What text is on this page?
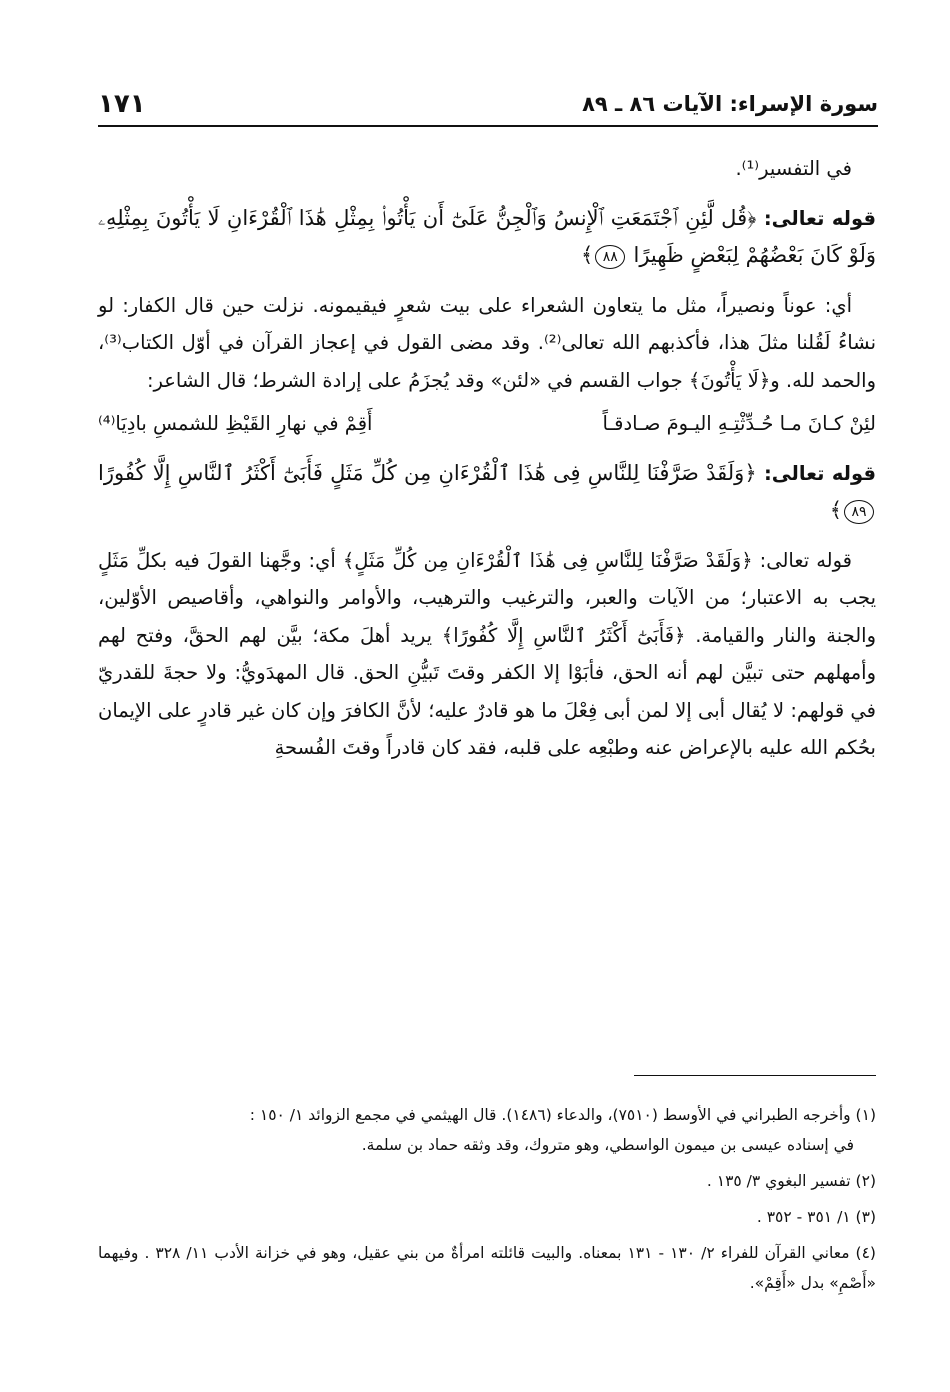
سورة الإسراء: الآيات ٨٦ ـ ٨٩
١٧١

في التفسير⁽¹⁾.

قوله تعالى: ﴿قُل لَّئِنِ ٱجْتَمَعَتِ ٱلْإِنسُ وَٱلْجِنُّ عَلَىٰٓ أَن يَأْتُوا۟ بِمِثْلِ هَٰذَا ٱلْقُرْءَانِ لَا يَأْتُونَ بِمِثْلِهِۦ وَلَوْ كَانَ بَعْضُهُمْ لِبَعْضٍ ظَهِيرًا ٨٨﴾

أي: عوناً ونصيراً، مثل ما يتعاون الشعراء على بيت شعرٍ فيقيمونه. نزلت حين قال الكفار: لو نشاءُ لَقُلنا مثلَ هذا، فأكذبهم الله تعالى⁽²⁾. وقد مضى القول في إعجاز القرآن في أوّل الكتاب⁽³⁾، والحمد لله. و﴿لَا يَأْتُونَ﴾ جواب القسم في «لئن» وقد يُجزَمُ على إرادة الشرط؛ قال الشاعر:

لئِنْ كـانَ مـا حُـدِّثْتِـهِ اليـومَ صـادقـاً
أَقِمْ في نهارِ القَيْظِ للشمسِ بادِيَا⁽⁴⁾

قوله تعالى: ﴿وَلَقَدْ صَرَّفْنَا لِلنَّاسِ فِى هَٰذَا ٱلْقُرْءَانِ مِن كُلِّ مَثَلٍ فَأَبَىٰٓ أَكْثَرُ ٱلنَّاسِ إِلَّا كُفُورًا ٨٩﴾

قوله تعالى: ﴿وَلَقَدْ صَرَّفْنَا لِلنَّاسِ فِى هَٰذَا ٱلْقُرْءَانِ مِن كُلِّ مَثَلٍ﴾ أي: وجَّهنا القولَ فيه بكلِّ مَثَلٍ يجب به الاعتبار؛ من الآيات والعبر، والترغيب والترهيب، والأوامر والنواهي، وأقاصيص الأوّلين، والجنة والنار والقيامة. ﴿فَأَبَىٰٓ أَكْثَرُ ٱلنَّاسِ إِلَّا كُفُورًا﴾ يريد أهلَ مكة؛ بيَّن لهم الحقَّ، وفتح لهم وأمهلهم حتى تبيَّن لهم أنه الحق، فأبَوْا إلا الكفر وقتَ تَبيُّنِ الحق. قال المهدَويُّ: ولا حجةَ للقدريّ في قولهم: لا يُقال أبى إلا لمن أبى فِعْلَ ما هو قادرٌ عليه؛ لأنَّ الكافرَ وإن كان غير قادرٍ على الإيمان بحُكم الله عليه بالإعراض عنه وطبْعِه على قلبه، فقد كان قادراً وقتَ الفُسحةِ

(١) وأخرجه الطبراني في الأوسط (٧٥١٠)، والدعاء (١٤٨٦). قال الهيثمي في مجمع الزوائد ١/ ١٥٠ :
في إسناده عيسى بن ميمون الواسطي، وهو متروك، وقد وثقه حماد بن سلمة.

(٢) تفسير البغوي ٣/ ١٣٥ .

(٣) ١/ ٣٥١ - ٣٥٢ .

(٤) معاني القرآن للفراء ٢/ ١٣٠ - ١٣١ بمعناه. والبيت قائلته امرأةٌ من بني عقيل، وهو في خزانة الأدب ١١/ ٣٢٨ . وفيهما «أَصْمِ» بدل «أَقِمْ».
